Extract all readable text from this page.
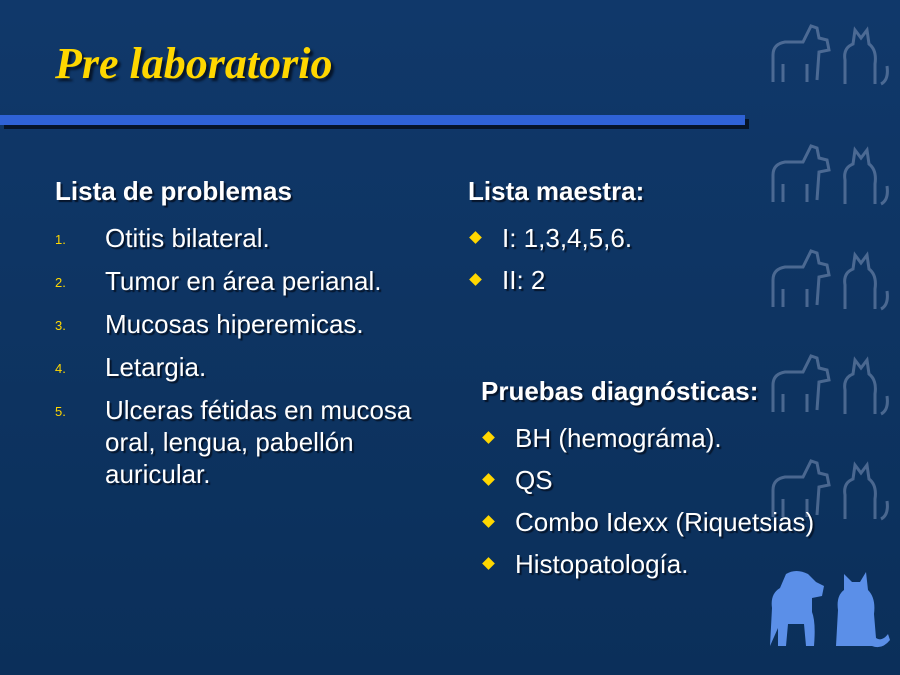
Pre laboratorio
Lista de problemas
1. Otitis bilateral.
2. Tumor en área perianal.
3. Mucosas hiperemicas.
4. Letargia.
5. Ulceras fétidas en mucosa oral, lengua, pabellón auricular.
Lista maestra:
I: 1,3,4,5,6.
II: 2
Pruebas diagnósticas:
BH (hemográma).
QS
Combo Idexx (Riquetsias)
Histopatología.
